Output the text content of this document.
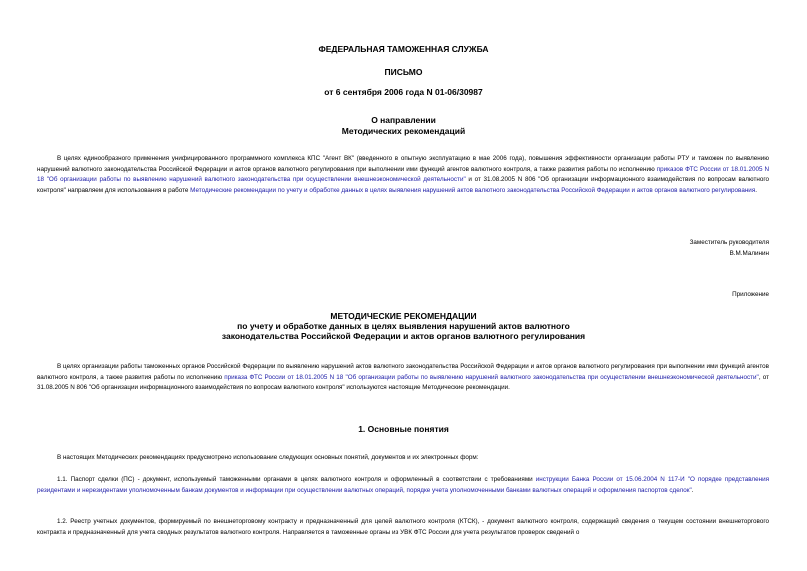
ФЕДЕРАЛЬНАЯ ТАМОЖЕННАЯ СЛУЖБА
ПИСЬМО
от 6 сентября 2006 года N 01-06/30987
О направлении
Методических рекомендаций
В целях единообразного применения унифицированного программного комплекса КПС "Агент ВК" (введенного в опытную эксплуатацию в мае 2006 года), повышения эффективности организации работы РТУ и таможен по выявлению нарушений валютного законодательства Российской Федерации и актов органов валютного регулирования при выполнении ими функций агентов валютного контроля, а также развития работы по исполнению приказов ФТС России от 18.01.2005 N 18 "Об организации работы по выявлению нарушений валютного законодательства при осуществлении внешнеэкономической деятельности" и от 31.08.2005 N 806 "Об организации информационного взаимодействия по вопросам валютного контроля" направляем для использования в работе Методические рекомендации по учету и обработке данных в целях выявления нарушений актов валютного законодательства Российской Федерации и актов органов валютного регулирования.
Заместитель руководителя
В.М.Малинин
Приложение
МЕТОДИЧЕСКИЕ РЕКОМЕНДАЦИИ
по учету и обработке данных в целях выявления нарушений актов валютного
законодательства Российской Федерации и актов органов валютного регулирования
В целях организации работы таможенных органов Российской Федерации по выявлению нарушений актов валютного законодательства Российской Федерации и актов органов валютного регулирования при выполнении ими функций агентов валютного контроля, а также развития работы по исполнению приказа ФТС России от 18.01.2005 N 18 "Об организации работы по выявлению нарушений валютного законодательства при осуществлении внешнеэкономической деятельности", от 31.08.2005 N 806 "Об организации информационного взаимодействия по вопросам валютного контроля" используются настоящие Методические рекомендации.
1. Основные понятия
В настоящих Методических рекомендациях предусмотрено использование следующих основных понятий, документов и их электронных форм:
1.1. Паспорт сделки (ПС) - документ, используемый таможенными органами в целях валютного контроля и оформленный в соответствии с требованиями инструкции Банка России от 15.06.2004 N 117-И "О порядке представления резидентами и нерезидентами уполномоченным банкам документов и информации при осуществлении валютных операций, порядке учета уполномоченными банками валютных операций и оформления паспортов сделок".
1.2. Реестр учетных документов, формируемый по внешнеторговому контракту и предназначенный для целей валютного контроля (КТСК), - документ валютного контроля, содержащий сведения о текущем состоянии внешнеторгового контракта и предназначенный для учета сводных результатов валютного контроля. Направляется в таможенные органы из УВК ФТС России для учета результатов проверок сведений о
